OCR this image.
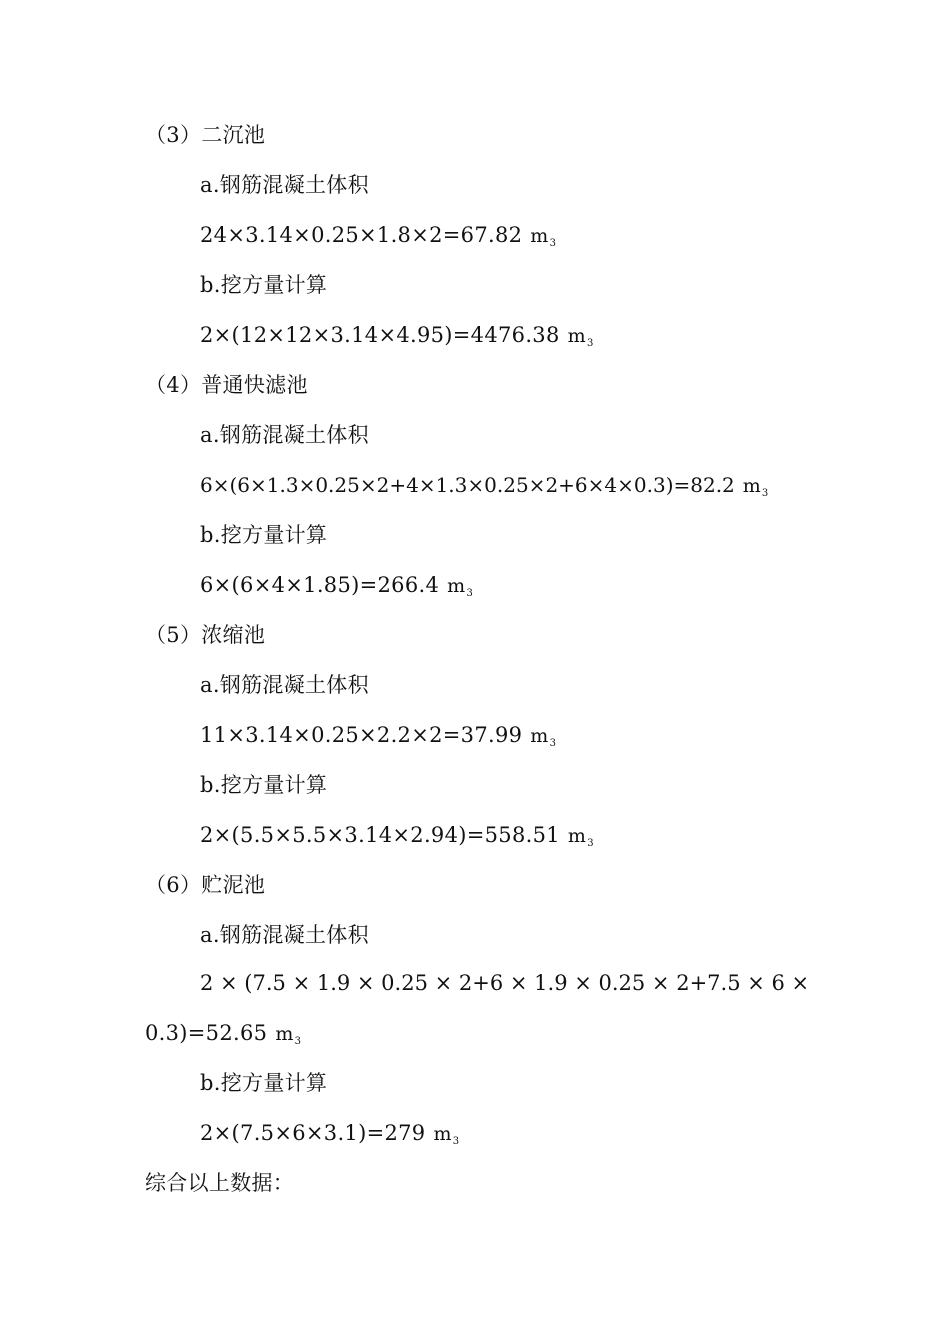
（3）二沉池
a.钢筋混凝土体积
24×3.14×0.25×1.8×2=67.82 $m_3$
b.挖方量计算
2×(12×12×3.14×4.95)=4476.38 $m_3$
（4）普通快滤池
a.钢筋混凝土体积
6×(6×1.3×0.25×2+4×1.3×0.25×2+6×4×0.3)=82.2 $m_3$
b.挖方量计算
6×(6×4×1.85)=266.4 $m_3$
（5）浓缩池
a.钢筋混凝土体积
11×3.14×0.25×2.2×2=37.99 $m_3$
b.挖方量计算
2×(5.5×5.5×3.14×2.94)=558.51 $m_3$
（6）贮泥池
a.钢筋混凝土体积
2 × (7.5 × 1.9 × 0.25 × 2+6 × 1.9 × 0.25 × 2+7.5 × 6 ×
0.3)=52.65 $m_3$
b.挖方量计算
2×(7.5×6×3.1)=279 $m_3$
综合以上数据：
